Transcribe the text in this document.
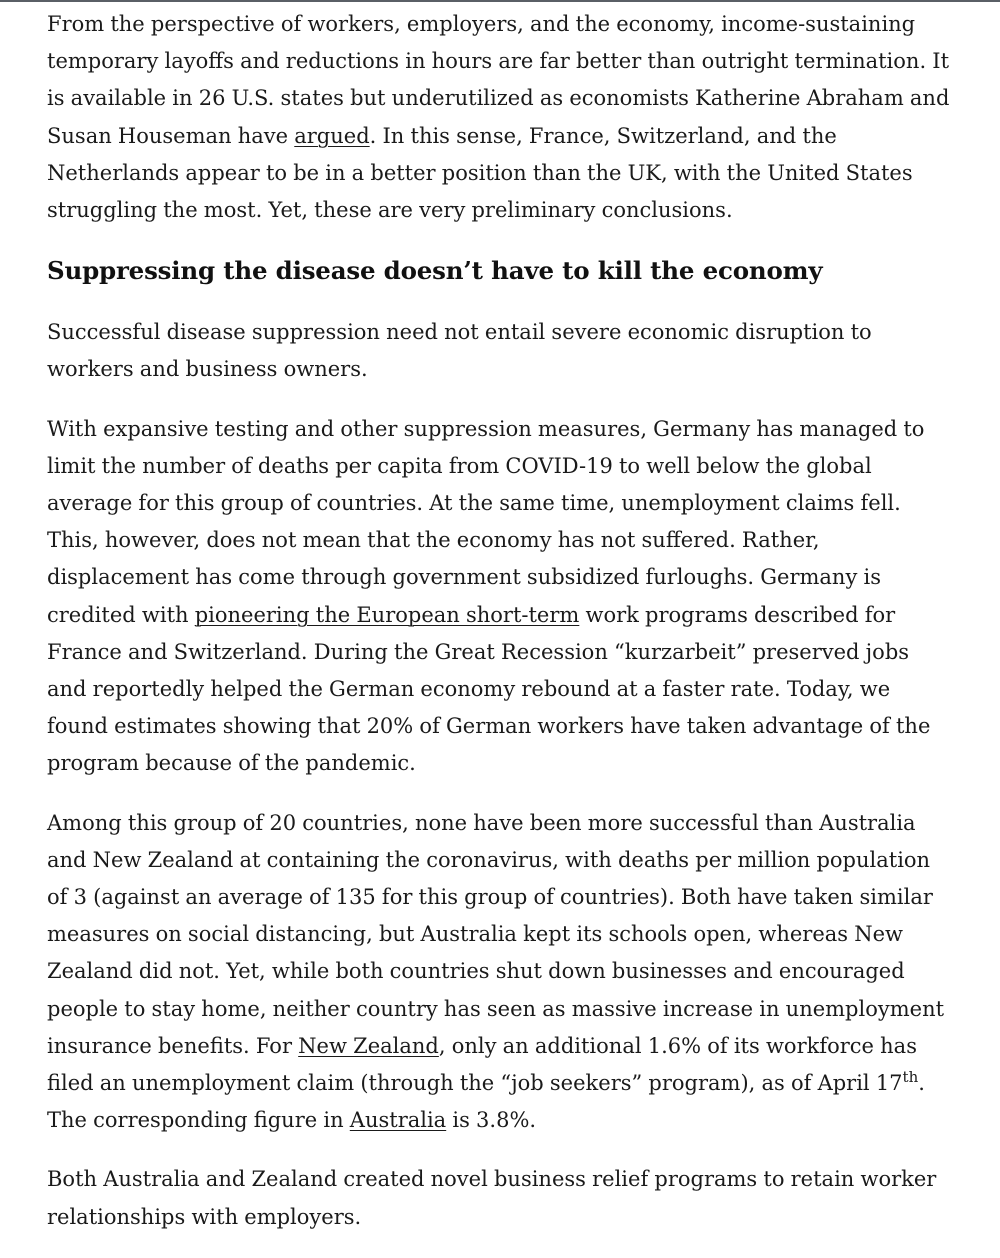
From the perspective of workers, employers, and the economy, income-sustaining temporary layoffs and reductions in hours are far better than outright termination. It is available in 26 U.S. states but underutilized as economists Katherine Abraham and Susan Houseman have argued. In this sense, France, Switzerland, and the Netherlands appear to be in a better position than the UK, with the United States struggling the most. Yet, these are very preliminary conclusions.

Suppressing the disease doesn’t have to kill the economy

Successful disease suppression need not entail severe economic disruption to workers and business owners.

With expansive testing and other suppression measures, Germany has managed to limit the number of deaths per capita from COVID-19 to well below the global average for this group of countries. At the same time, unemployment claims fell. This, however, does not mean that the economy has not suffered. Rather, displacement has come through government subsidized furloughs. Germany is credited with pioneering the European short-term work programs described for France and Switzerland. During the Great Recession “kurzarbeit” preserved jobs and reportedly helped the German economy rebound at a faster rate. Today, we found estimates showing that 20% of German workers have taken advantage of the program because of the pandemic.

Among this group of 20 countries, none have been more successful than Australia and New Zealand at containing the coronavirus, with deaths per million population of 3 (against an average of 135 for this group of countries). Both have taken similar measures on social distancing, but Australia kept its schools open, whereas New Zealand did not. Yet, while both countries shut down businesses and encouraged people to stay home, neither country has seen as massive increase in unemployment insurance benefits. For New Zealand, only an additional 1.6% of its workforce has filed an unemployment claim (through the “job seekers” program), as of April 17th. The corresponding figure in Australia is 3.8%.

Both Australia and Zealand created novel business relief programs to retain worker relationships with employers.
